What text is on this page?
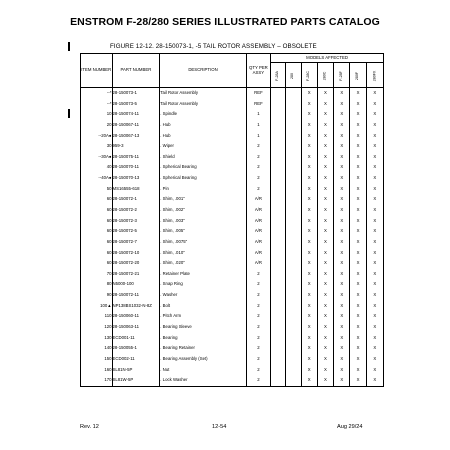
ENSTROM F-28/280 SERIES ILLUSTRATED PARTS CATALOG
FIGURE 12-12. 28-150073-1, -5 TAIL ROTOR ASSEMBLY – OBSOLETE
ITEM NUMBER	PART NUMBER	DESCRIPTION	QTY PER ASSY	MODELS AFFECTED						
				F-28A	280	F-28C	280C	F-28F	280F	280FX
--*	28-150073-1	Tail Rotor Assembly	REF			X	X	X	X	X
--*	28-150073-5	Tail Rotor Assembly	REF			X	X	X	X	X
10	28-150074-11	. Spindle	1			X	X	X	X	X
20	28-150067-11	. Hub	1			X	X	X	X	X
--20A●	28-150067-13	. Hub	1			X	X	X	X	X
30	959-3	. Wiper	2			X	X	X	X	X
--30A●	28-150075-11	. Shield	2			X	X	X	X	X
40	28-150070-11	. Spherical Bearing	2			X	X	X	X	X
--40A●	28-150070-13	. Spherical Bearing	2			X	X	X	X	X
50	MS16555-618	. Pin	2			X	X	X	X	X
60	28-150072-1	. Shim, .001"	A/R			X	X	X	X	X
60	28-150072-2	. Shim, .002"	A/R			X	X	X	X	X
60	28-150072-3	. Shim, .003"	A/R			X	X	X	X	X
60	28-150072-5	. Shim, .005"	A/R			X	X	X	X	X
60	28-150072-7	. Shim, .0075"	A/R			X	X	X	X	X
60	28-150072-10	. Shim, .010"	A/R			X	X	X	X	X
60	28-150072-20	. Shim, .020"	A/R			X	X	X	X	X
70	28-150072-21	. Retainer Plate	2			X	X	X	X	X
80	N5000-100	. Snap Ring	2			X	X	X	X	X
90	28-150072-11	. Washer	2			X	X	X	X	X
100▲	NP138BS1032-N-8Z	. Bolt	2			X	X	X	X	X
110	28-150060-11	. Pitch Arm	2			X	X	X	X	X
120	28-150063-11	. Bearing Sleeve	2			X	X	X	X	X
130	ECD001-11	. Bearing	2			X	X	X	X	X
140	28-150055-1	. Bearing Retainer	2			X	X	X	X	X
150	ECD002-11	. Bearing Assembly (Set)	2			X	X	X	X	X
160	SL81N-5P	. Nut	2			X	X	X	X	X
170	SL81W-5P	. Lock Washer	2			X	X	X	X	X
Rev. 12	12-54	Aug 29/24
